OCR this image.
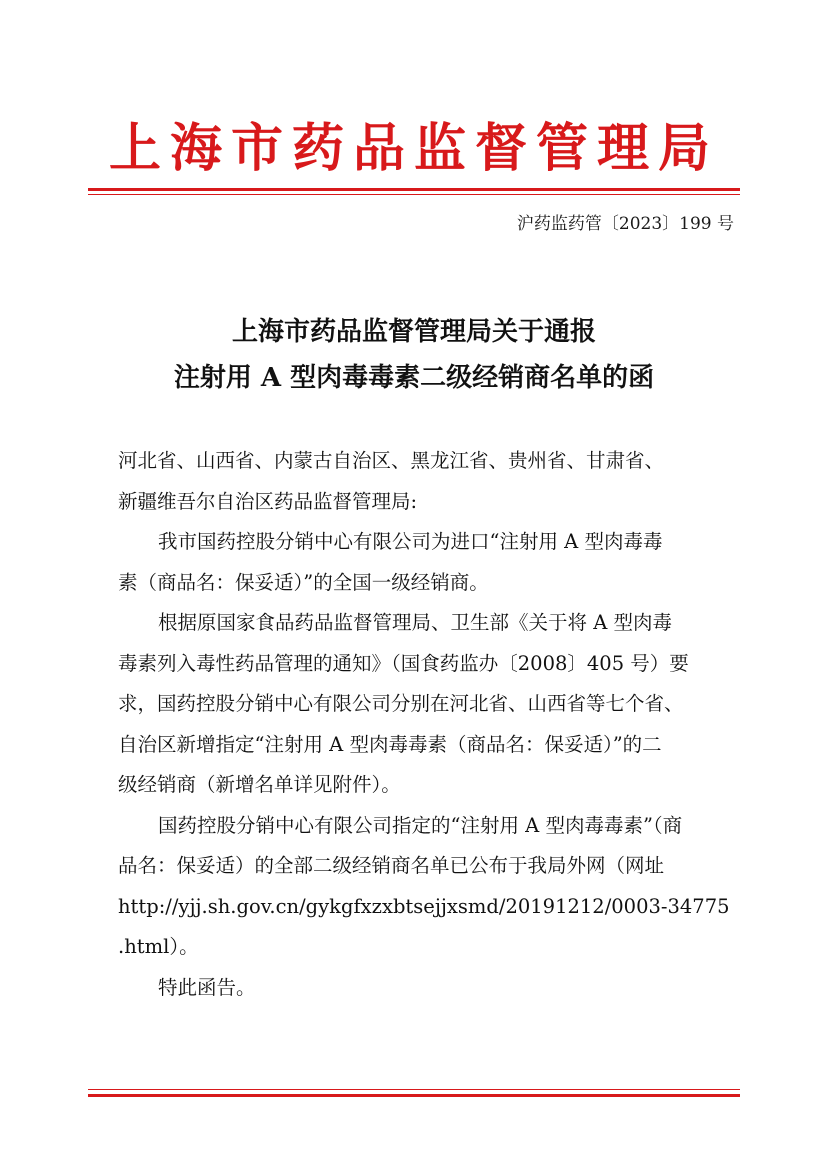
上海市药品监督管理局
沪药监药管〔2023〕199 号
上海市药品监督管理局关于通报
注射用 A 型肉毒毒素二级经销商名单的函
河北省、山西省、内蒙古自治区、黑龙江省、贵州省、甘肃省、
新疆维吾尔自治区药品监督管理局:
我市国药控股分销中心有限公司为进口“注射用 A 型肉毒毒
素（商品名：保妥适）”的全国一级经销商。
根据原国家食品药品监督管理局、卫生部《关于将 A 型肉毒
毒素列入毒性药品管理的通知》（国食药监办〔2008〕405 号）要
求，国药控股分销中心有限公司分别在河北省、山西省等七个省、
自治区新增指定“注射用 A 型肉毒毒素（商品名：保妥适）”的二
级经销商（新增名单详见附件）。
国药控股分销中心有限公司指定的“注射用 A 型肉毒毒素”（商
品名：保妥适）的全部二级经销商名单已公布于我局外网（网址
http://yjj.sh.gov.cn/gykgfxzxbtsejjxsmd/20191212/0003-34775
.html）。
特此函告。
